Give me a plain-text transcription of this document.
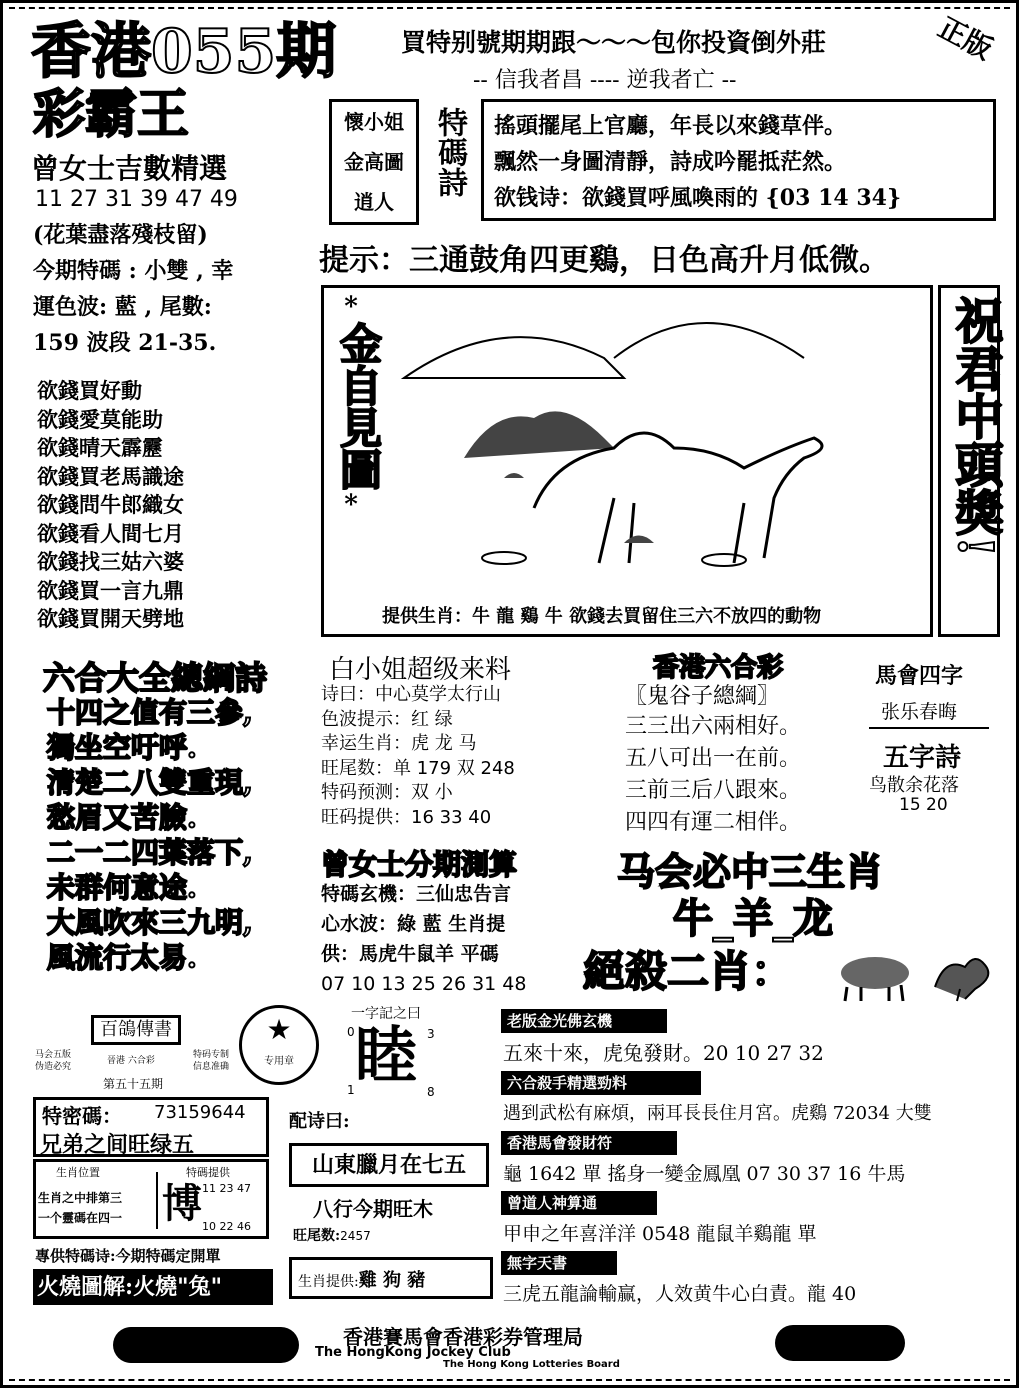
香港055期
彩霸王
買特别號期期跟～～～包你投資倒外莊
-- 信我者昌 ---- 逆我者亡 --
正版
曾女士吉數精選
11 27 31 39 47 49
(花葉盡落殘枝留)
今期特碼 : 小雙 , 幸
運色波: 藍 , 尾數:
159 波段 21-35.
懷小姐
金高圖
逍人
特碼詩 搖頭擺尾上官廳，年長以來錢草伴。
飄然一身圖清靜，詩成吟罷抵茫然。
欲钱诗：欲錢買呼風喚雨的 {03 14 34}
提示：三通鼓角四更鷄，日色高升月低微。
*
金自見圖
*
提供生肖：牛 龍 鷄 牛 欲錢去買留住三六不放四的動物
祝君中頭獎!
欲錢買好動
欲錢愛莫能助
欲錢晴天霹靂
欲錢買老馬識途
欲錢問牛郎織女
欲錢看人間七月
欲錢找三姑六婆
欲錢買一言九鼎
欲錢買開天劈地
六合大全總綱詩
十四之值有三參,
獨坐空吁呼.
清楚二八雙重現,
愁眉又苦臉.
二一二四葉落下,
未群何意途.
大風吹來三九明,
風流行太易.
白小姐超级来料
诗曰：中心莫学太行山
色波提示：红 绿
幸运生肖：虎 龙 马
旺尾数：单 179 双 248
特码预测：双 小
旺码提供：16 33 40
曾女士分期測算
特碼玄機：三仙忠告言
心水波：綠 藍 生肖提
供：馬虎牛鼠羊 平碼
07 10 13 25 26 31 48
香港六合彩
〖鬼谷子總綱〗
三三出六兩相好。
五八可出一在前。
三前三后八跟來。
四四有運二相伴。
馬會四字
张乐春晦
五字詩
鸟散余花落
15 20
马会必中三生肖
牛_羊_龙
絕殺二肖：
百鴿傳書
马会五版
伪造必究
晉港 六合彩
特码专制
信息准确
第五十五期
★
专用章
特密碼： 73159644
兄弟之间旺绿五
生肖位置	特碼提供
生肖之中排第三
一个靈碼在四一 博 11 23 47
10 22 46
專供特碼诗:今期特碼定開單
火燒圖解:火燒"兔"
一字記之曰
0	3
睦
1	8
配诗曰:
山東臘月在七五
八行今期旺木
旺尾数:2457
生肖提供:雞 狗 豬
老版金光佛玄機
五來十來，虎兔發財。20 10 27 32
六合殺手精選勁料
遇到武松有麻煩，兩耳長長住月宮。虎鷄 72034 大雙
香港馬會發財符
龜 1642 單 搖身一變金鳳凰 07 30 37 16 牛馬
曾道人神算通
甲申之年喜洋洋 0548 龍鼠羊鷄龍 單
無字天書
三虎五龍論輸赢，人效黄牛心白責。龍 40
香港賽馬會香港彩券管理局
The HongKong Jockey Club
The Hong Kong Lotteries Board
